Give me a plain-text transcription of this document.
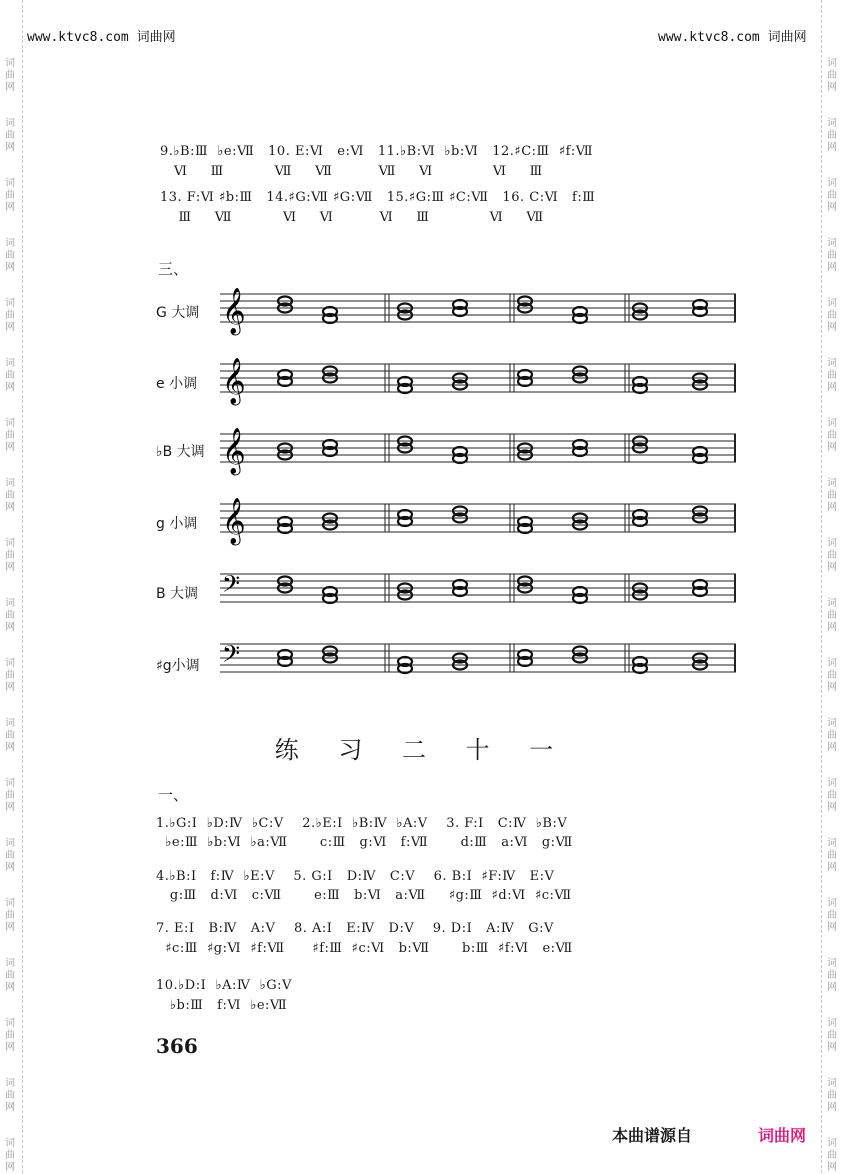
词
曲
网
词
曲
网
词
曲
网
词
曲
网
词
曲
网
词
曲
网
词
曲
网
词
曲
网
词
曲
网
词
曲
网
词
曲
网
词
曲
网
词
曲
网
词
曲
网
词
曲
网
词
曲
网
词
曲
网
词
曲
网
词
曲
网
词
曲
网
词
曲
网
词
曲
网
词
曲
网
词
曲
网
词
曲
网
词
曲
网
词
曲
网
词
曲
网
词
曲
网
词
曲
网
词
曲
网
词
曲
网
词
曲
网
词
曲
网
词
曲
网
词
曲
网
词
曲
网
词
曲
网
www.ktvc8.com 词曲网	www.ktvc8.com 词曲网
9.♭B:Ⅲ  ♭e:Ⅶ   10. E:Ⅵ   e:Ⅵ   11.♭B:Ⅵ  ♭b:Ⅵ   12.♯C:Ⅲ  ♯f:Ⅶ
Ⅵ     Ⅲ           Ⅶ     Ⅶ          Ⅶ     Ⅵ             Ⅵ     Ⅲ
13. F:Ⅵ ♯b:Ⅲ   14.♯G:Ⅶ ♯G:Ⅶ   15.♯G:Ⅲ ♯C:Ⅶ   16. C:Ⅵ   f:Ⅲ
Ⅲ     Ⅶ           Ⅵ     Ⅵ          Ⅵ     Ⅲ             Ⅵ     Ⅶ
三、
G 大调
e 小调
♭B 大调
g 小调
B 大调
♯g小调
𝄞
𝄞
𝄞
𝄞
𝄢
𝄢
练 习 二 十 一
一、
1.♭G:Ⅰ  ♭D:Ⅳ  ♭C:Ⅴ    2.♭E:Ⅰ  ♭B:Ⅳ  ♭A:Ⅴ    3. F:Ⅰ   C:Ⅳ  ♭B:Ⅴ
♭e:Ⅲ  ♭b:Ⅵ  ♭a:Ⅶ       c:Ⅲ   g:Ⅵ   f:Ⅶ       d:Ⅲ   a:Ⅵ   g:Ⅶ
4.♭B:Ⅰ   f:Ⅳ  ♭E:Ⅴ    5. G:Ⅰ   D:Ⅳ   C:Ⅴ    6. B:Ⅰ  ♯F:Ⅳ   E:Ⅴ
g:Ⅲ   d:Ⅵ   c:Ⅶ       e:Ⅲ   b:Ⅵ   a:Ⅶ     ♯g:Ⅲ  ♯d:Ⅵ  ♯c:Ⅶ
7. E:Ⅰ   B:Ⅳ   A:Ⅴ    8. A:Ⅰ   E:Ⅳ   D:Ⅴ    9. D:Ⅰ   A:Ⅳ   G:Ⅴ
♯c:Ⅲ  ♯g:Ⅵ  ♯f:Ⅶ      ♯f:Ⅲ  ♯c:Ⅵ   b:Ⅶ       b:Ⅲ  ♯f:Ⅵ   e:Ⅶ
10.♭D:Ⅰ  ♭A:Ⅳ  ♭G:Ⅴ
♭b:Ⅲ   f:Ⅵ  ♭e:Ⅶ
366
本曲谱源自	词曲网
